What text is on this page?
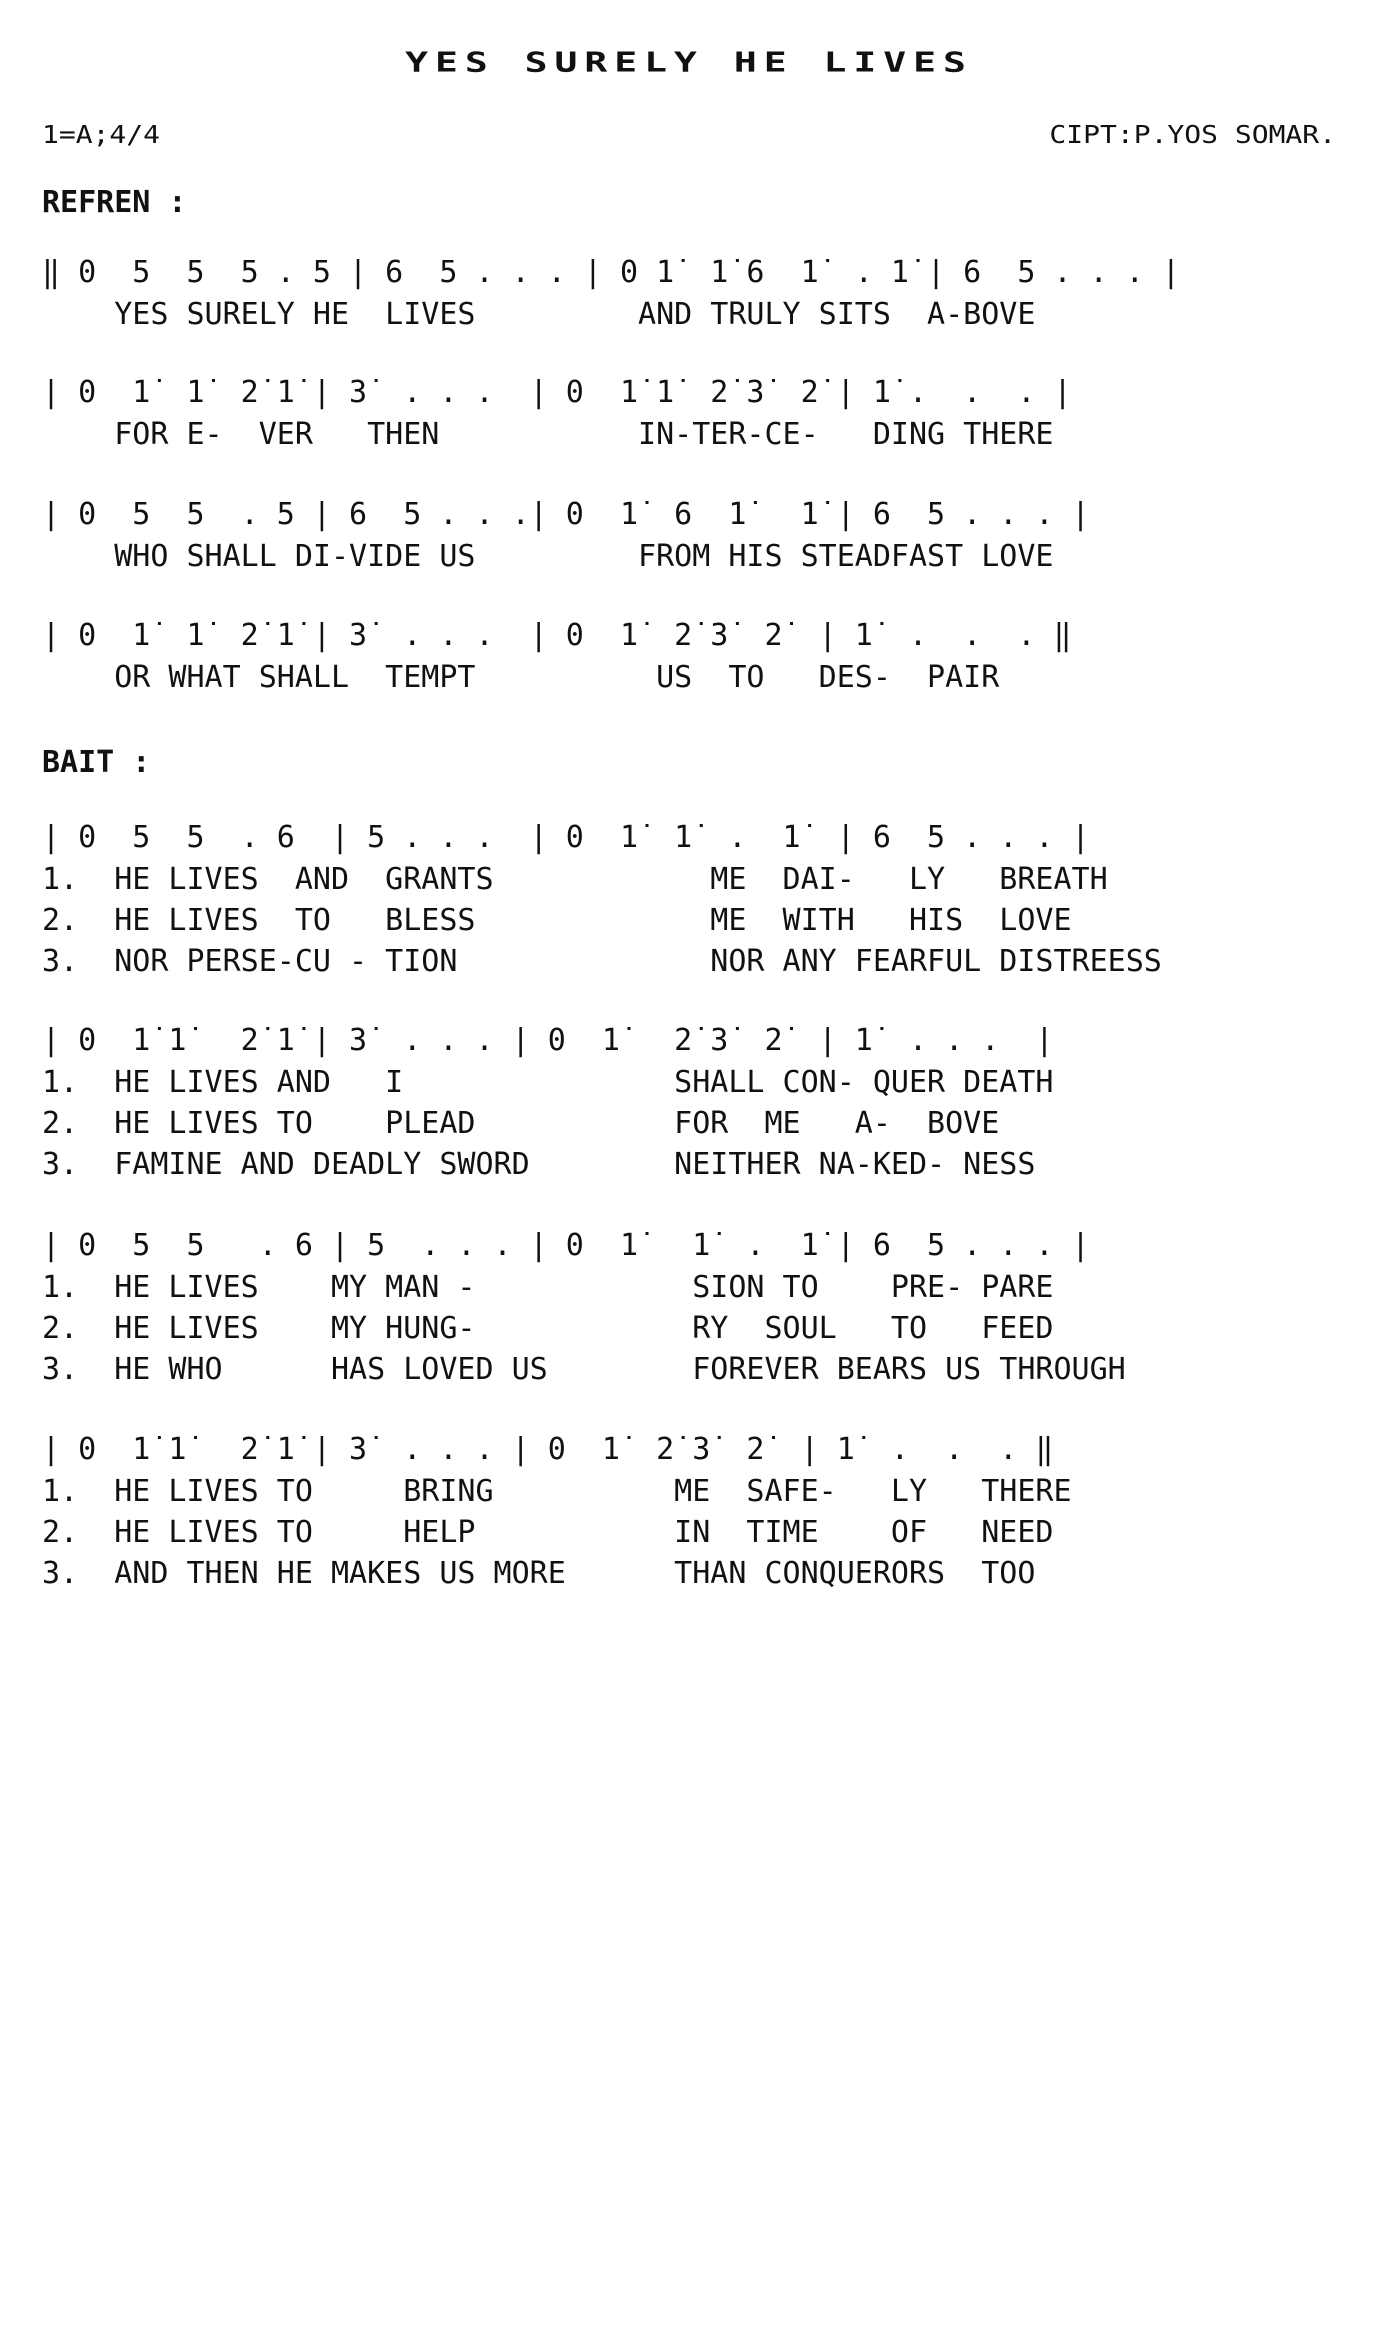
YES SURELY HE LIVES
1=A;4/4	CIPT:P.YOS SOMAR.
REFREN :
‖ 0  5  5  5 . 5 | 6  5 . . . | 0 1̇  1̇ 6  1̇  . 1̇ | 6  5 . . . |
YES SURELY HE  LIVES         AND TRULY SITS  A-BOVE
| 0  1̇  1̇  2̇ 1̇ | 3̇  . . .  | 0  1̇ 1̇  2̇ 3̇  2̇ | 1̇ .  .  . |
FOR E-  VER   THEN           IN-TER-CE-   DING THERE
| 0  5  5  . 5 | 6  5 . . .| 0  1̇  6  1̇   1̇ | 6  5 . . . |
WHO SHALL DI-VIDE US         FROM HIS STEADFAST LOVE
| 0  1̇  1̇  2̇ 1̇ | 3̇  . . .  | 0  1̇  2̇ 3̇  2̇  | 1̇  .  .  . ‖
OR WHAT SHALL  TEMPT          US  TO   DES-  PAIR
BAIT :
| 0  5  5  . 6  | 5 . . .  | 0  1̇  1̇  .  1̇  | 6  5 . . . |
1.  HE LIVES  AND  GRANTS            ME  DAI-   LY   BREATH
2.  HE LIVES  TO   BLESS             ME  WITH   HIS  LOVE
3.  NOR PERSE-CU - TION              NOR ANY FEARFUL DISTREESS
| 0  1̇ 1̇   2̇ 1̇ | 3̇  . . . | 0  1̇   2̇ 3̇  2̇  | 1̇  . . .  |
1.  HE LIVES AND   I               SHALL CON- QUER DEATH
2.  HE LIVES TO    PLEAD           FOR  ME   A-  BOVE
3.  FAMINE AND DEADLY SWORD        NEITHER NA-KED- NESS
| 0  5  5   . 6 | 5  . . . | 0  1̇   1̇  .  1̇ | 6  5 . . . |
1.  HE LIVES    MY MAN -            SION TO    PRE- PARE
2.  HE LIVES    MY HUNG-            RY  SOUL   TO   FEED
3.  HE WHO      HAS LOVED US        FOREVER BEARS US THROUGH
| 0  1̇ 1̇   2̇ 1̇ | 3̇  . . . | 0  1̇  2̇ 3̇  2̇  | 1̇  .  .  . ‖
1.  HE LIVES TO     BRING          ME  SAFE-   LY   THERE
2.  HE LIVES TO     HELP           IN  TIME    OF   NEED
3.  AND THEN HE MAKES US MORE      THAN CONQUERORS  TOO
